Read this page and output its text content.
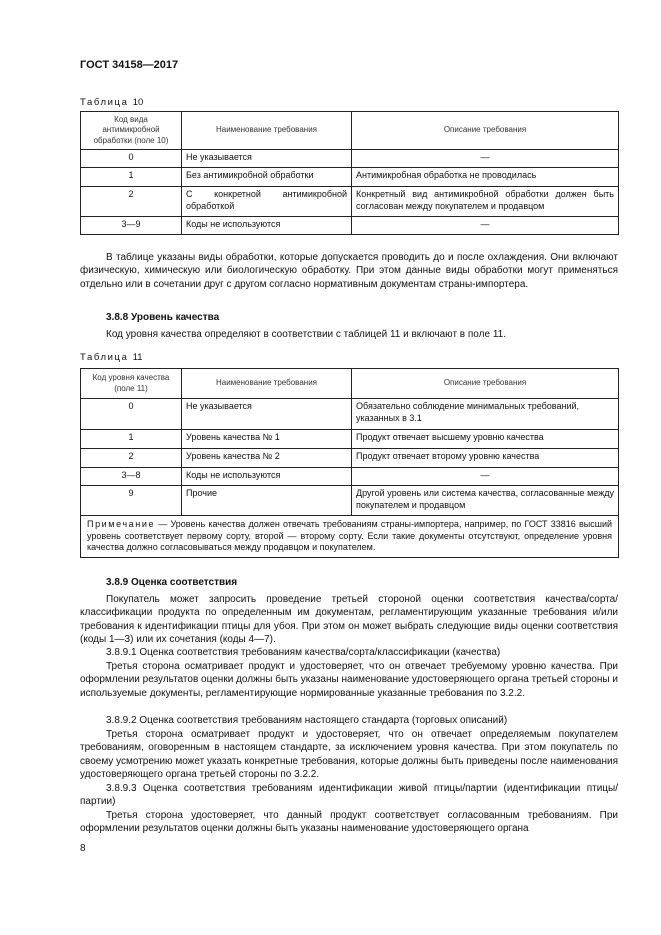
ГОСТ 34158—2017
Таблица 10
Код вида антимикробной обработки (поле 10)	Наименование требования	Описание требования
0	Не указывается	—
1	Без антимикробной обработки	Антимикробная обработка не проводилась
2	С конкретной антимикробной обработкой	Конкретный вид антимикробной обработки должен быть согласован между покупателем и продавцом
3—9	Коды не используются	—

В таблице указаны виды обработки, которые допускается проводить до и после охлаждения. Они включают физическую, химическую или биологическую обработку. При этом данные виды обработки могут применяться отдельно или в сочетании друг с другом согласно нормативным документам страны-импортера.

3.8.8 Уровень качества

Код уровня качества определяют в соответствии с таблицей 11 и включают в поле 11.

Таблица 11
Код уровня качества (поле 11)	Наименование требования	Описание требования
0	Не указывается	Обязательно соблюдение минимальных требований, указанных в 3.1
1	Уровень качества № 1	Продукт отвечает высшему уровню качества
2	Уровень качества № 2	Продукт отвечает второму уровню качества
3—8	Коды не используются	—
9	Прочие	Другой уровень или система качества, согласованные между покупателем и продавцом
Примечание — Уровень качества должен отвечать требованиям страны-импортера, например, по ГОСТ 33816 высший уровень соответствует первому сорту, второй — второму сорту. Если такие документы отсутствуют, определение уровня качества должно согласовываться между продавцом и покупателем.		

3.8.9 Оценка соответствия

Покупатель может запросить проведение третьей стороной оценки соответствия качества/сорта/классификации продукта по определенным им документам, регламентирующим указанные требования и/или требования к идентификации птицы для убоя. При этом он может выбрать следующие виды оценки соответствия (коды 1—3) или их сочетания (коды 4—7).

3.8.9.1 Оценка соответствия требованиям качества/сорта/классификации (качества)

Третья сторона осматривает продукт и удостоверяет, что он отвечает требуемому уровню качества. При оформлении результатов оценки должны быть указаны наименование удостоверяющего органа третьей стороны и используемые документы, регламентирующие нормированные указанные требования по 3.2.2.

3.8.9.2 Оценка соответствия требованиям настоящего стандарта (торговых описаний)

Третья сторона осматривает продукт и удостоверяет, что он отвечает определяемым покупателем требованиям, оговоренным в настоящем стандарте, за исключением уровня качества. При этом покупатель по своему усмотрению может указать конкретные требования, которые должны быть приведены после наименования удостоверяющего органа третьей стороны по 3.2.2.

3.8.9.3 Оценка соответствия требованиям идентификации живой птицы/партии (идентификации птицы/партии)

Третья сторона удостоверяет, что данный продукт соответствует согласованным требованиям. При оформлении результатов оценки должны быть указаны наименование удостоверяющего органа

8
